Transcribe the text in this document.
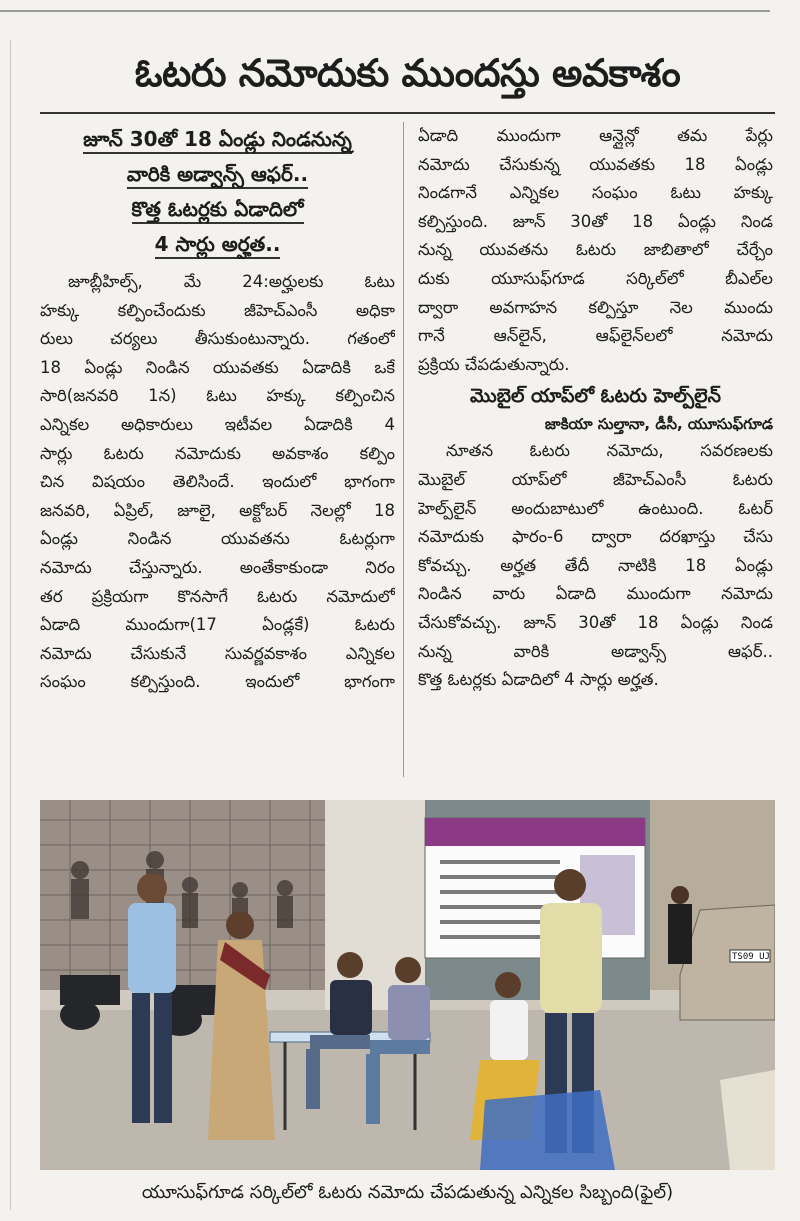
ఓటరు నమోదుకు ముందస్తు అవకాశం
జూన్ 30తో 18 ఏండ్లు నిండనున్న
వారికి అడ్వాన్స్ ఆఫర్..
కొత్త ఓటర్లకు ఏడాదిలో
4 సార్లు అర్హత..
జూబ్లీహిల్స్, మే 24:అర్హులకు ఓటు
హక్కు కల్పించేందుకు జీహెచ్ఎంసీ అధికా
రులు చర్యలు తీసుకుంటున్నారు. గతంలో
18 ఏండ్లు నిండిన యువతకు ఏడాదికి ఒకే
సారి(జనవరి 1న) ఓటు హక్కు కల్పించిన
ఎన్నికల అధికారులు ఇటీవల ఏడాదికి 4
సార్లు ఓటరు నమోదుకు అవకాశం కల్పిం
చిన విషయం తెలిసిందే. ఇందులో భాగంగా
జనవరి, ఏప్రిల్, జూలై, అక్టోబర్ నెలల్లో 18
ఏండ్లు నిండిన యువతను ఓటర్లుగా
నమోదు చేస్తున్నారు. అంతేకాకుండా నిరం
తర ప్రక్రియగా కొనసాగే ఓటరు నమోదులో
ఏడాది ముందుగా(17 ఏండ్లకే) ఓటరు
నమోదు చేసుకునే సువర్ణవకాశం ఎన్నికల
సంఘం కల్పిస్తుంది. ఇందులో భాగంగా
ఏడాది ముందుగా ఆన్లైన్లో తమ పేర్లు
నమోదు చేసుకున్న యువతకు 18 ఏండ్లు
నిండగానే ఎన్నికల సంఘం ఓటు హక్కు
కల్పిస్తుంది. జూన్ 30తో 18 ఏండ్లు నిండ
నున్న యువతను ఓటరు జాబితాలో చేర్చేం
దుకు యూసుఫ్‌గూడ సర్కిల్‌లో బీఎల్‌ల
ద్వారా అవగాహన కల్పిస్తూ నెల ముందు
గానే ఆన్‌లైన్, ఆఫ్‌లైన్‌లలో నమోదు
ప్రక్రియ చేపడుతున్నారు.
మొబైల్ యాప్‌లో ఓటరు హెల్ప్‌లైన్
జాకియా సుల్తానా, డీసీ, యూసుఫ్‌గూడ
నూతన ఓటరు నమోదు, సవరణలకు
మొబైల్ యాప్‌లో జీహెచ్ఎంసీ ఓటరు
హెల్ప్‌లైన్ అందుబాటులో ఉంటుంది. ఓటర్
నమోదుకు ఫారం-6 ద్వారా దరఖాస్తు చేసు
కోవచ్చు. అర్హత తేదీ నాటికి 18 ఏండ్లు
నిండిన వారు ఏడాది ముందుగా నమోదు
చేసుకోవచ్చు. జూన్ 30తో 18 ఏండ్లు నిండ
నున్న వారికి అడ్వాన్స్ ఆఫర్..
కొత్త ఓటర్లకు ఏడాదిలో 4 సార్లు అర్హత.
TS09 UJ
యూసుఫ్‌గూడ సర్కిల్‌లో ఓటరు నమోదు చేపడుతున్న ఎన్నికల సిబ్బంది(ఫైల్)
